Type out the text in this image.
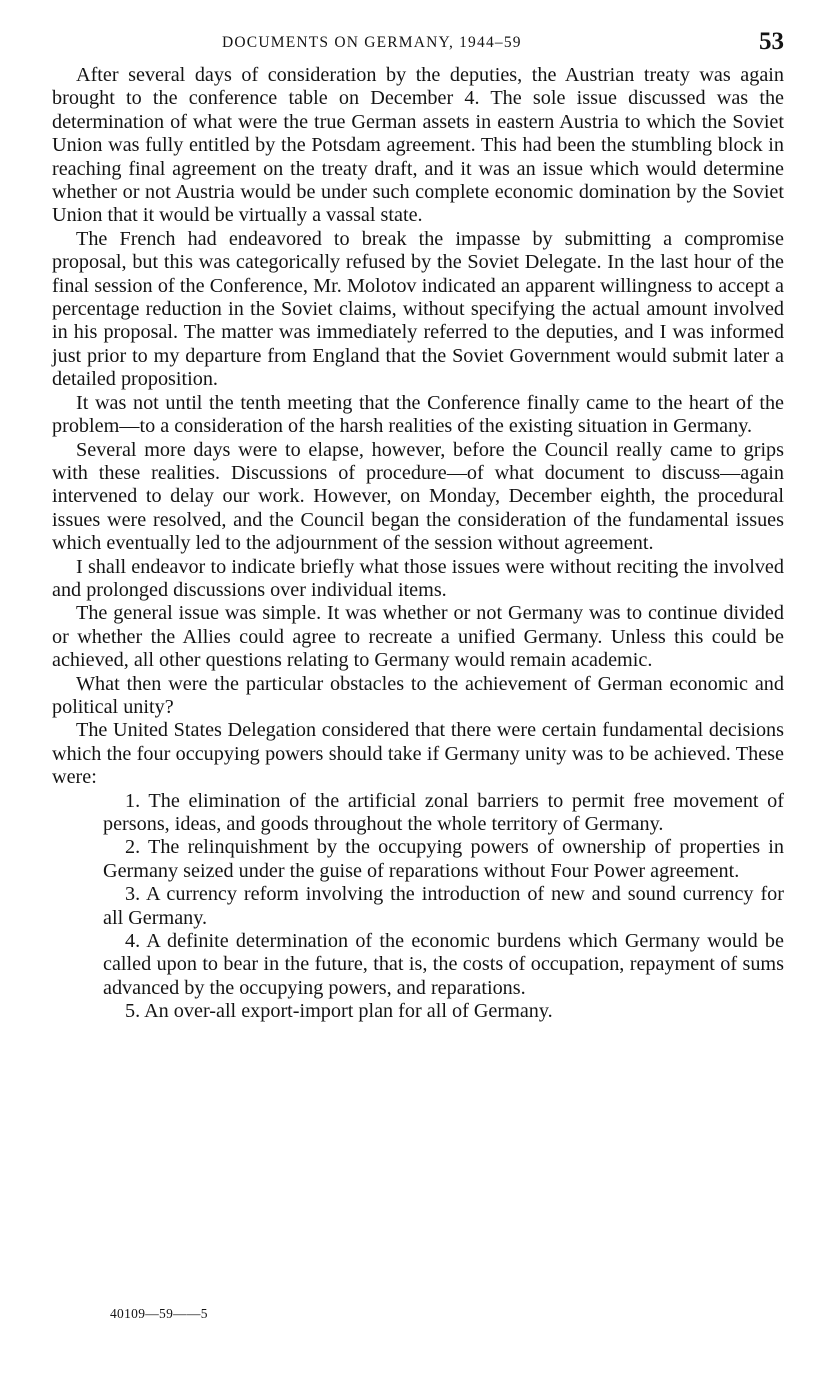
DOCUMENTS ON GERMANY, 1944–59	53

After several days of consideration by the deputies, the Austrian treaty was again brought to the conference table on December 4. The sole issue discussed was the determination of what were the true German assets in eastern Austria to which the Soviet Union was fully entitled by the Potsdam agreement. This had been the stumbling block in reaching final agreement on the treaty draft, and it was an issue which would determine whether or not Austria would be under such complete economic domination by the Soviet Union that it would be virtually a vassal state.

The French had endeavored to break the impasse by submitting a compromise proposal, but this was categorically refused by the Soviet Delegate. In the last hour of the final session of the Conference, Mr. Molotov indicated an apparent willingness to accept a percentage reduction in the Soviet claims, without specifying the actual amount involved in his proposal. The matter was immediately referred to the deputies, and I was informed just prior to my departure from England that the Soviet Government would submit later a detailed proposition.

It was not until the tenth meeting that the Conference finally came to the heart of the problem—to a consideration of the harsh realities of the existing situation in Germany.

Several more days were to elapse, however, before the Council really came to grips with these realities. Discussions of procedure—of what document to discuss—again intervened to delay our work. However, on Monday, December eighth, the procedural issues were resolved, and the Council began the consideration of the fundamental issues which eventually led to the adjournment of the session without agreement.

I shall endeavor to indicate briefly what those issues were without reciting the involved and prolonged discussions over individual items.

The general issue was simple. It was whether or not Germany was to continue divided or whether the Allies could agree to recreate a unified Germany. Unless this could be achieved, all other questions relating to Germany would remain academic.

What then were the particular obstacles to the achievement of German economic and political unity?

The United States Delegation considered that there were certain fundamental decisions which the four occupying powers should take if Germany unity was to be achieved. These were:

1. The elimination of the artificial zonal barriers to permit free movement of persons, ideas, and goods throughout the whole territory of Germany.

2. The relinquishment by the occupying powers of ownership of properties in Germany seized under the guise of reparations without Four Power agreement.

3. A currency reform involving the introduction of new and sound currency for all Germany.

4. A definite determination of the economic burdens which Germany would be called upon to bear in the future, that is, the costs of occupation, repayment of sums advanced by the occupying powers, and reparations.

5. An over-all export-import plan for all of Germany.

40109—59——5
